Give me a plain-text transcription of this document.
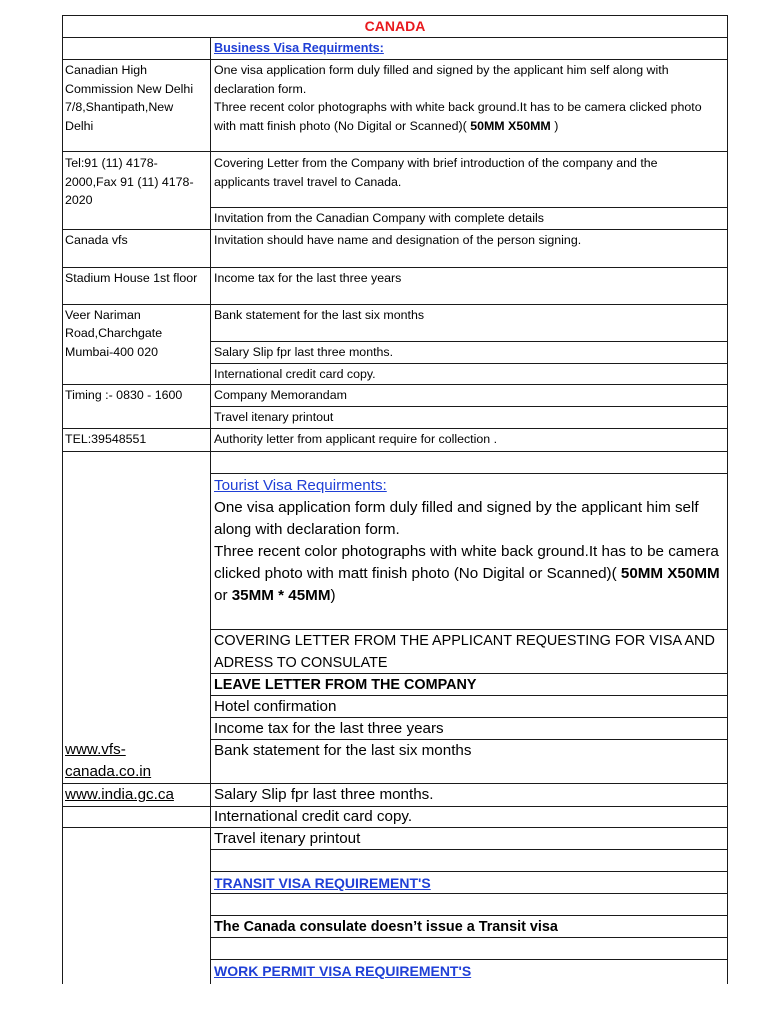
CANADA
Canadian High
Commission New Delhi
7/8,Shantipath,New
Delhi
Tel:91 (11) 4178-
2000,Fax 91 (11) 4178-
2020
Canada vfs
Stadium House 1st floor
Veer Nariman
Road,Charchgate
Mumbai-400 020
Timing :- 0830 - 1600
TEL:39548551
www.vfs-
canada.co.in
www.india.gc.ca
Business Visa Requirments:
One visa application form duly filled and signed by the applicant him self along with
declaration form.
Three recent color photographs with white back ground.It has to be camera clicked photo
with matt finish photo (No Digital or Scanned)( 50MM X50MM )
Covering Letter from the Company with brief introduction of the company and the
applicants travel travel to Canada.
Invitation from the Canadian Company with complete details
Invitation should have name and designation of the person signing.
Income tax for the last three years
Bank statement for the last six months
Salary Slip fpr last three months.
International credit card copy.
Company Memorandam
Travel itenary printout
Authority letter from applicant require for collection .
Tourist Visa Requirments:
One visa application form duly filled and signed by the applicant him self
along with declaration form.
Three recent color photographs with white back ground.It has to be camera
clicked photo with matt finish photo (No Digital or Scanned)( 50MM X50MM
or 35MM * 45MM)
COVERING LETTER FROM THE APPLICANT REQUESTING FOR VISA AND
ADRESS TO CONSULATE
LEAVE LETTER FROM THE COMPANY
Hotel confirmation
Income tax for the last three years
Bank statement for the last six months
Salary Slip fpr last three months.
International credit card copy.
Travel itenary printout
TRANSIT VISA REQUIREMENT'S
The Canada consulate doesn’t issue a Transit visa
WORK PERMIT VISA REQUIREMENT'S
